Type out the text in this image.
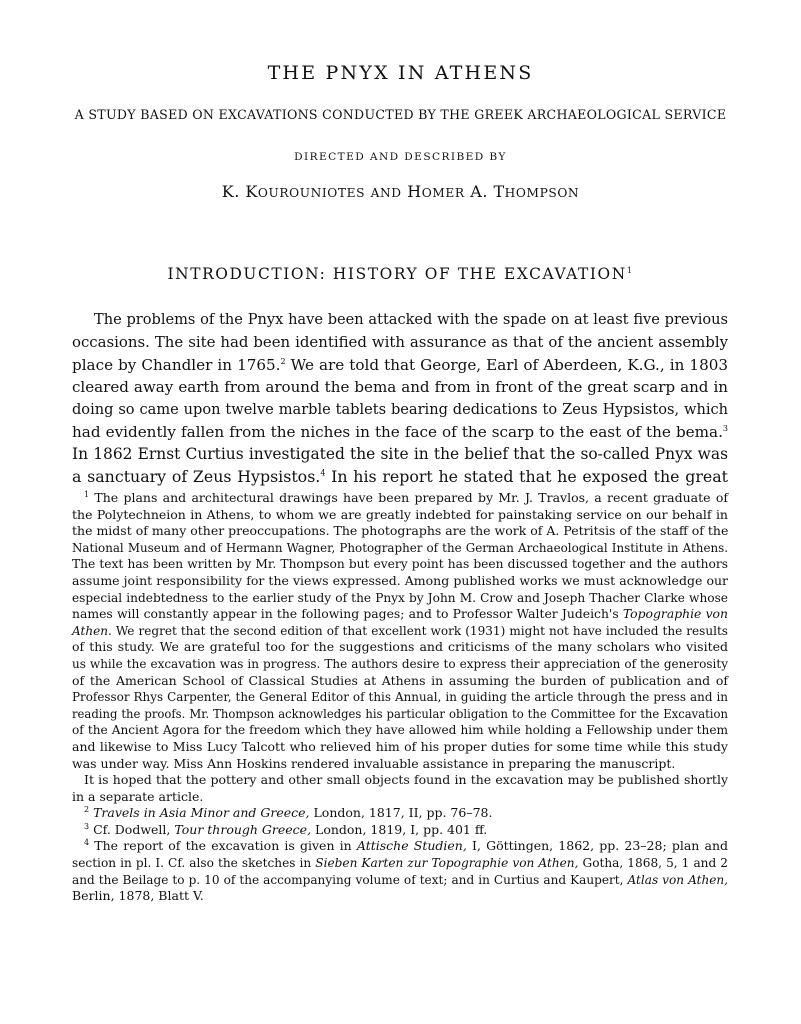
THE PNYX IN ATHENS
A STUDY BASED ON EXCAVATIONS CONDUCTED BY THE GREEK ARCHAEOLOGICAL SERVICE
DIRECTED AND DESCRIBED BY
K. KOUROUNIOTES AND HOMER A. THOMPSON
INTRODUCTION: HISTORY OF THE EXCAVATION$^1$
The problems of the Pnyx have been attacked with the spade on at least five previous
occasions. The site had been identified with assurance as that of the ancient assembly
place by Chandler in 1765.$^2$ We are told that George, Earl of Aberdeen, K.G., in 1803
cleared away earth from around the bema and from in front of the great scarp and in
doing so came upon twelve marble tablets bearing dedications to Zeus Hypsistos, which
had evidently fallen from the niches in the face of the scarp to the east of the bema.$^3$
In 1862 Ernst Curtius investigated the site in the belief that the so-called Pnyx was
a sanctuary of Zeus Hypsistos.$^4$ In his report he stated that he exposed the great
$^1$ The plans and architectural drawings have been prepared by Mr. J. Travlos, a recent graduate of
the Polytechneion in Athens, to whom we are greatly indebted for painstaking service on our behalf in
the midst of many other preoccupations. The photographs are the work of A. Petritsis of the staff of the
National Museum and of Hermann Wagner, Photographer of the German Archaeological Institute in Athens.
The text has been written by Mr. Thompson but every point has been discussed together and the authors
assume joint responsibility for the views expressed. Among published works we must acknowledge our
especial indebtedness to the earlier study of the Pnyx by John M. Crow and Joseph Thacher Clarke whose
names will constantly appear in the following pages; and to Professor Walter Judeich's Topographie von
Athen. We regret that the second edition of that excellent work (1931) might not have included the results
of this study. We are grateful too for the suggestions and criticisms of the many scholars who visited
us while the excavation was in progress. The authors desire to express their appreciation of the generosity
of the American School of Classical Studies at Athens in assuming the burden of publication and of
Professor Rhys Carpenter, the General Editor of this Annual, in guiding the article through the press and in
reading the proofs. Mr. Thompson acknowledges his particular obligation to the Committee for the Excavation
of the Ancient Agora for the freedom which they have allowed him while holding a Fellowship under them
and likewise to Miss Lucy Talcott who relieved him of his proper duties for some time while this study
was under way. Miss Ann Hoskins rendered invaluable assistance in preparing the manuscript.
It is hoped that the pottery and other small objects found in the excavation may be published shortly
in a separate article.
$^2$ Travels in Asia Minor and Greece, London, 1817, II, pp. 76–78.
$^3$ Cf. Dodwell, Tour through Greece, London, 1819, I, pp. 401 ff.
$^4$ The report of the excavation is given in Attische Studien, I, Göttingen, 1862, pp. 23–28; plan and
section in pl. I. Cf. also the sketches in Sieben Karten zur Topographie von Athen, Gotha, 1868, 5, 1 and 2
and the Beilage to p. 10 of the accompanying volume of text; and in Curtius and Kaupert, Atlas von Athen,
Berlin, 1878, Blatt V.
